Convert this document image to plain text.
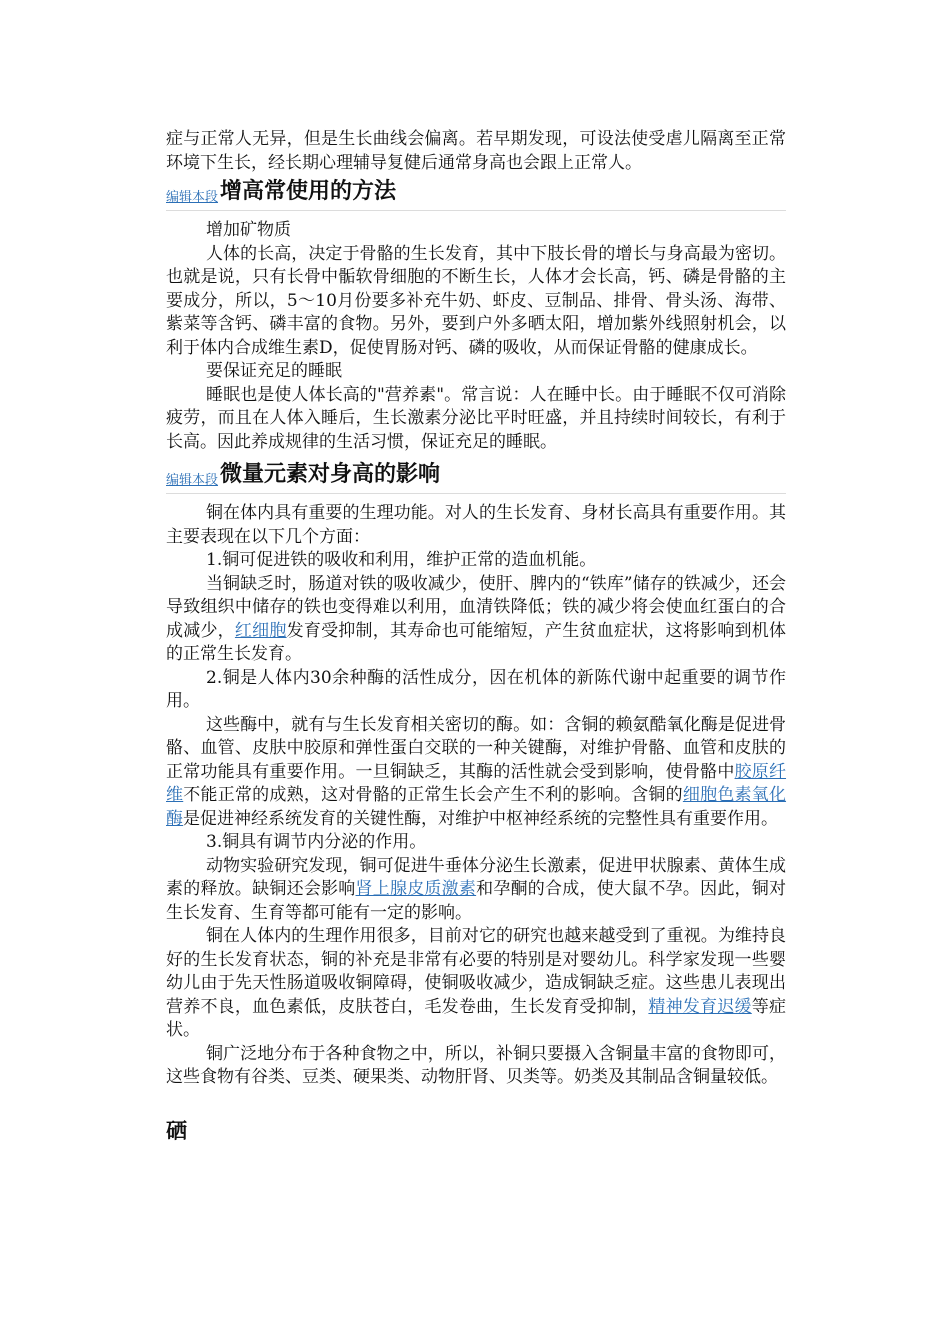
症与正常人无异，但是生长曲线会偏离。若早期发现，可设法使受虐儿隔离至正常环境下生长，经长期心理辅导复健后通常身高也会跟上正常人。

编辑本段 增高常使用的方法

增加矿物质

人体的长高，决定于骨骼的生长发育，其中下肢长骨的增长与身高最为密切。也就是说，只有长骨中骺软骨细胞的不断生长，人体才会长高，钙、磷是骨骼的主要成分，所以，5～10月份要多补充牛奶、虾皮、豆制品、排骨、骨头汤、海带、紫菜等含钙、磷丰富的食物。另外，要到户外多晒太阳，增加紫外线照射机会，以利于体内合成维生素D，促使胃肠对钙、磷的吸收，从而保证骨骼的健康成长。

要保证充足的睡眠

睡眠也是使人体长高的"营养素"。常言说：人在睡中长。由于睡眠不仅可消除疲劳，而且在人体入睡后，生长激素分泌比平时旺盛，并且持续时间较长，有利于长高。因此养成规律的生活习惯，保证充足的睡眠。

编辑本段 微量元素对身高的影响

铜在体内具有重要的生理功能。对人的生长发育、身材长高具有重要作用。其主要表现在以下几个方面：

1.铜可促进铁的吸收和利用，维护正常的造血机能。

当铜缺乏时，肠道对铁的吸收减少，使肝、脾内的“铁库”储存的铁减少，还会导致组织中储存的铁也变得难以利用，血清铁降低；铁的减少将会使血红蛋白的合成减少，红细胞发育受抑制，其寿命也可能缩短，产生贫血症状，这将影响到机体的正常生长发育。

2.铜是人体内30余种酶的活性成分，因在机体的新陈代谢中起重要的调节作用。

这些酶中，就有与生长发育相关密切的酶。如：含铜的赖氨酷氧化酶是促进骨骼、血管、皮肤中胶原和弹性蛋白交联的一种关键酶，对维护骨骼、血管和皮肤的正常功能具有重要作用。一旦铜缺乏，其酶的活性就会受到影响，使骨骼中胶原纤维不能正常的成熟，这对骨骼的正常生长会产生不利的影响。含铜的细胞色素氧化酶是促进神经系统发育的关键性酶，对维护中枢神经系统的完整性具有重要作用。

3.铜具有调节内分泌的作用。

动物实验研究发现，铜可促进牛垂体分泌生长激素，促进甲状腺素、黄体生成素的释放。缺铜还会影响肾上腺皮质激素和孕酮的合成，使大鼠不孕。因此，铜对生长发育、生育等都可能有一定的影响。

铜在人体内的生理作用很多，目前对它的研究也越来越受到了重视。为维持良好的生长发育状态，铜的补充是非常有必要的特别是对婴幼儿。科学家发现一些婴幼儿由于先天性肠道吸收铜障碍，使铜吸收减少，造成铜缺乏症。这些患儿表现出营养不良，血色素低，皮肤苍白，毛发卷曲，生长发育受抑制，精神发育迟缓等症状。

铜广泛地分布于各种食物之中，所以，补铜只要摄入含铜量丰富的食物即可，这些食物有谷类、豆类、硬果类、动物肝肾、贝类等。奶类及其制品含铜量较低。

硒
